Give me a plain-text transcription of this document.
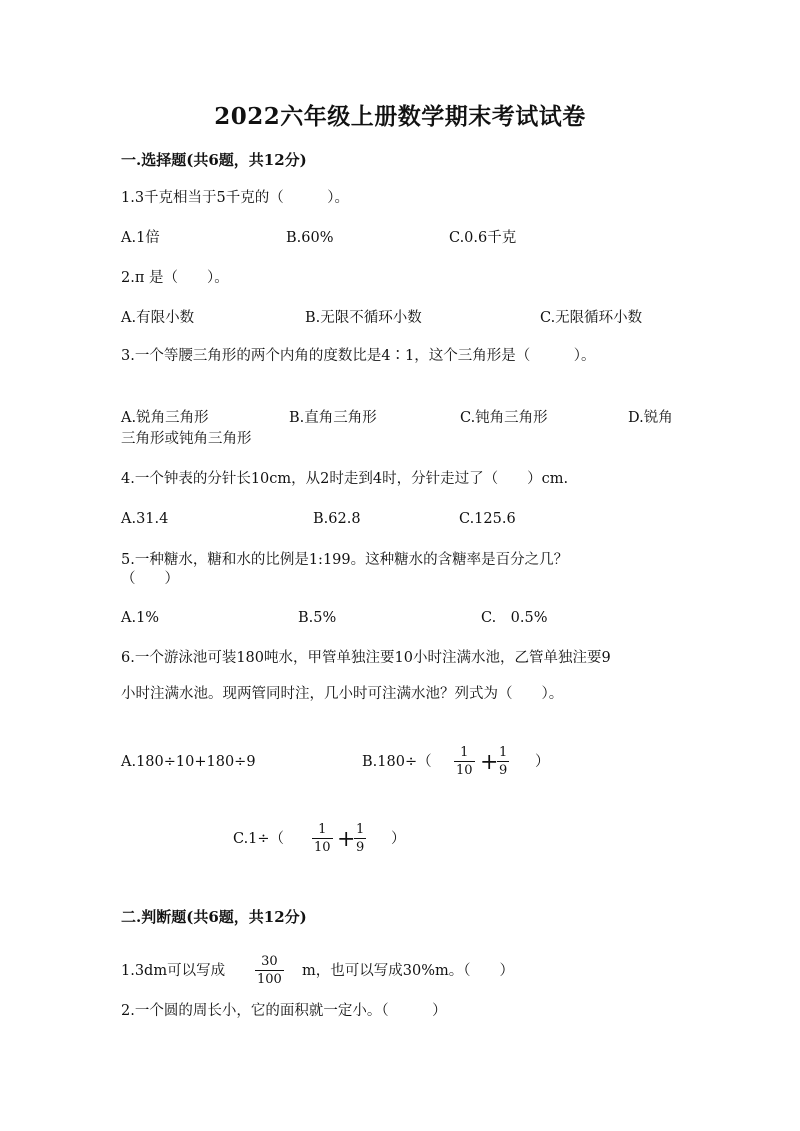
2022六年级上册数学期末考试试卷
一.选择题(共6题，共12分)
1.3千克相当于5千克的（　　　）。
A.1倍	B.60%	C.0.6千克
2.π 是（　　）。
A.有限小数	B.无限不循环小数	C.无限循环小数
3.一个等腰三角形的两个内角的度数比是4∶1，这个三角形是（　　　）。
A.锐角三角形	B.直角三角形	C.钝角三角形	D.锐角
三角形或钝角三角形
4.一个钟表的分针长10cm，从2时走到4时，分针走过了（　　）cm.
A.31.4	B.62.8	C.125.6
5.一种糖水，糖和水的比例是1:199。这种糖水的含糖率是百分之几？
（　　）
A.1%	B.5%	C.　0.5%
6.一个游泳池可装180吨水，甲管单独注要10小时注满水池，乙管单独注要9
小时注满水池。现两管同时注，几小时可注满水池？列式为（　　）。
A.180÷10+180÷9	B.180÷（
1
10 + 1
9
）
C.1÷（
1
10 + 1
9
）
二.判断题(共6题，共12分)
1.3dm可以写成
30
100
m，也可以写成30%m。（　　）
2.一个圆的周长小，它的面积就一定小。（　　　）
